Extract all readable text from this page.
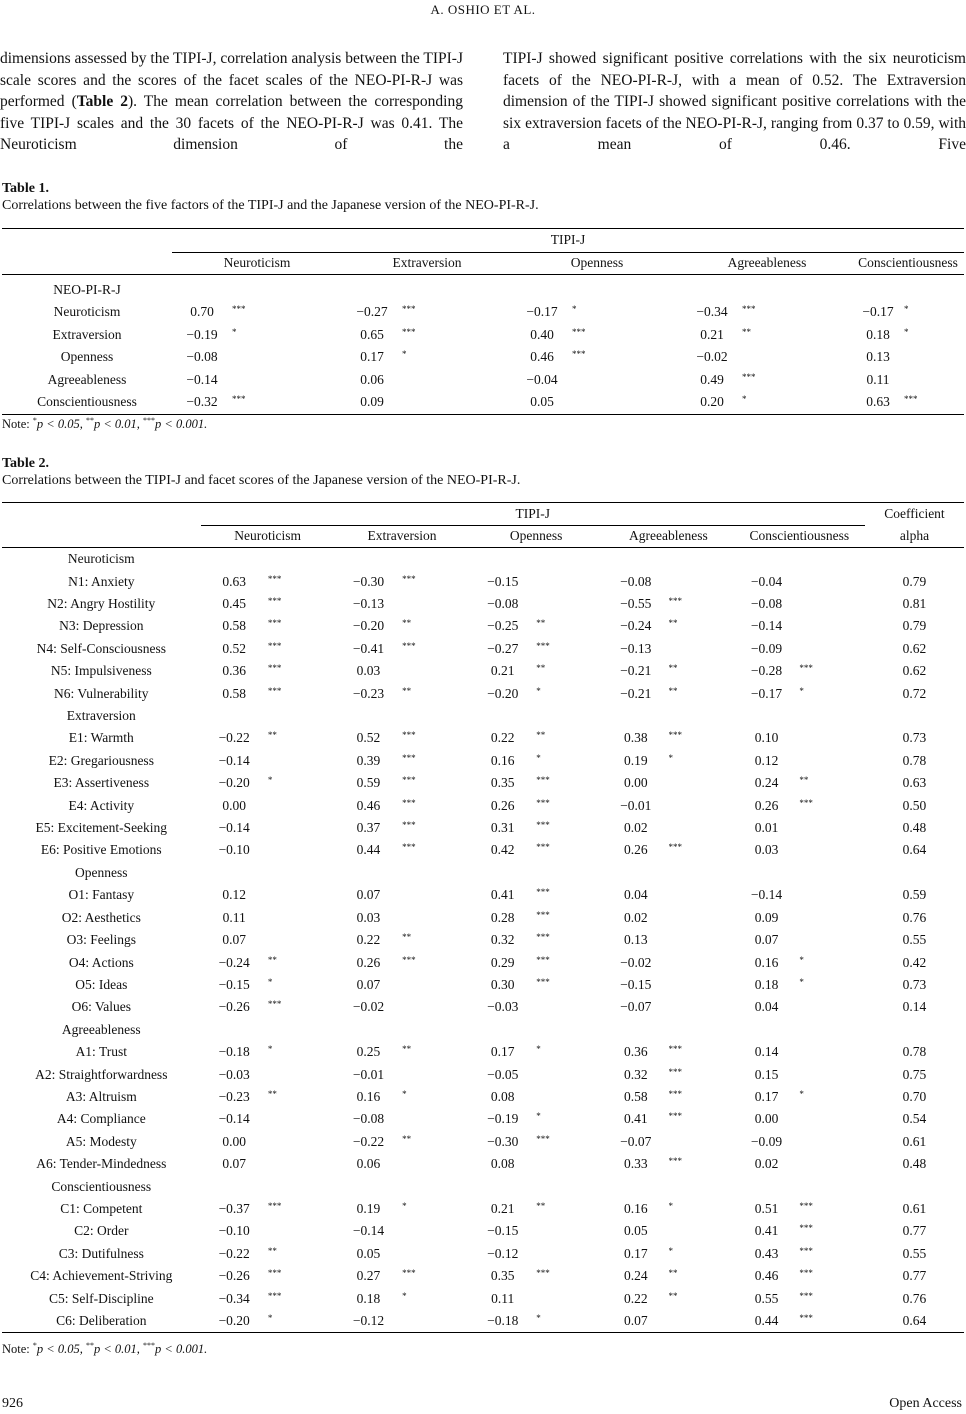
A. OSHIO ET AL.

dimensions assessed by the TIPI-J, correlation analysis between the TIPI-J scale scores and the scores of the facet scales of the NEO-PI-R-J was performed (Table 2). The mean correlation between the corresponding five TIPI-J scales and the 30 facets of the NEO-PI-R-J was 0.41. The Neuroticism dimension of the

TIPI-J showed significant positive correlations with the six neuroticism facets of the NEO-PI-R-J, with a mean of 0.52. The Extraversion dimension of the TIPI-J showed significant positive correlations with the six extraversion facets of the NEO-PI-R-J, ranging from 0.37 to 0.59, with a mean of 0.46. Five

Table 1.
Correlations between the five factors of the TIPI-J and the Japanese version of the NEO-PI-R-J.
	TIPI-J									
	Neuroticism		Extraversion		Openness		Agreeableness		Conscientiousness	
NEO-PI-R-J										
Neuroticism	0.70	***	−0.27	***	−0.17	*	−0.34	***	−0.17	*
Extraversion	−0.19	*	0.65	***	0.40	***	0.21	**	0.18	*
Openness	−0.08		0.17	*	0.46	***	−0.02		0.13	
Agreeableness	−0.14		0.06		−0.04		0.49	***	0.11	
Conscientiousness	−0.32	***	0.09		0.05		0.20	*	0.63	***
Note: *p < 0.05, **p < 0.01, ***p < 0.001.
Table 2.
Correlations between the TIPI-J and facet scores of the Japanese version of the NEO-PI-R-J.
	TIPI-J										Coefficient
	Neuroticism		Extraversion		Openness		Agreeableness		Conscientiousness		alpha
Neuroticism											
N1: Anxiety	0.63	***	−0.30	***	−0.15		−0.08		−0.04		0.79
N2: Angry Hostility	0.45	***	−0.13		−0.08		−0.55	***	−0.08		0.81
N3: Depression	0.58	***	−0.20	**	−0.25	**	−0.24	**	−0.14		0.79
N4: Self-Consciousness	0.52	***	−0.41	***	−0.27	***	−0.13		−0.09		0.62
N5: Impulsiveness	0.36	***	0.03		0.21	**	−0.21	**	−0.28	***	0.62
N6: Vulnerability	0.58	***	−0.23	**	−0.20	*	−0.21	**	−0.17	*	0.72
Extraversion											
E1: Warmth	−0.22	**	0.52	***	0.22	**	0.38	***	0.10		0.73
E2: Gregariousness	−0.14		0.39	***	0.16	*	0.19	*	0.12		0.78
E3: Assertiveness	−0.20	*	0.59	***	0.35	***	0.00		0.24	**	0.63
E4: Activity	0.00		0.46	***	0.26	***	−0.01		0.26	***	0.50
E5: Excitement-Seeking	−0.14		0.37	***	0.31	***	0.02		0.01		0.48
E6: Positive Emotions	−0.10		0.44	***	0.42	***	0.26	***	0.03		0.64
Openness											
O1: Fantasy	0.12		0.07		0.41	***	0.04		−0.14		0.59
O2: Aesthetics	0.11		0.03		0.28	***	0.02		0.09		0.76
O3: Feelings	0.07		0.22	**	0.32	***	0.13		0.07		0.55
O4: Actions	−0.24	**	0.26	***	0.29	***	−0.02		0.16	*	0.42
O5: Ideas	−0.15	*	0.07		0.30	***	−0.15		0.18	*	0.73
O6: Values	−0.26	***	−0.02		−0.03		−0.07		0.04		0.14
Agreeableness											
A1: Trust	−0.18	*	0.25	**	0.17	*	0.36	***	0.14		0.78
A2: Straightforwardness	−0.03		−0.01		−0.05		0.32	***	0.15		0.75
A3: Altruism	−0.23	**	0.16	*	0.08		0.58	***	0.17	*	0.70
A4: Compliance	−0.14		−0.08		−0.19	*	0.41	***	0.00		0.54
A5: Modesty	0.00		−0.22	**	−0.30	***	−0.07		−0.09		0.61
A6: Tender-Mindedness	0.07		0.06		0.08		0.33	***	0.02		0.48
Conscientiousness											
C1: Competent	−0.37	***	0.19	*	0.21	**	0.16	*	0.51	***	0.61
C2: Order	−0.10		−0.14		−0.15		0.05		0.41	***	0.77
C3: Dutifulness	−0.22	**	0.05		−0.12		0.17	*	0.43	***	0.55
C4: Achievement-Striving	−0.26	***	0.27	***	0.35	***	0.24	**	0.46	***	0.77
C5: Self-Discipline	−0.34	***	0.18	*	0.11		0.22	**	0.55	***	0.76
C6: Deliberation	−0.20	*	−0.12		−0.18	*	0.07		0.44	***	0.64
Note: *p < 0.05, **p < 0.01, ***p < 0.001.
926	Open Access
